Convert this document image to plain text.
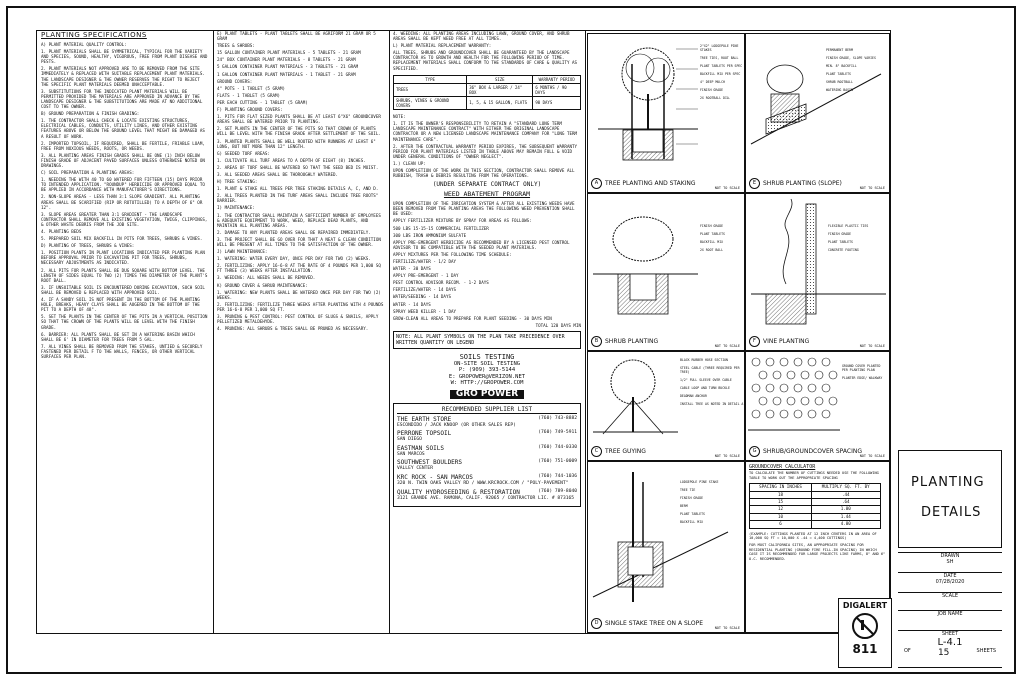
PLANTING SPECIFICATIONS

A) PLANT MATERIAL QUALITY CONTROL:

1. PLANT MATERIALS SHALL BE SYMMETRICAL, TYPICAL FOR THE VARIETY AND SPECIES, SOUND, HEALTHY, VIGOROUS, FREE FROM PLANT DISEASE AND PESTS.

2. PLANT MATERIALS NOT APPROVED ARE TO BE REMOVED FROM THE SITE IMMEDIATELY & REPLACED WITH SUITABLE REPLACEMENT PLANT MATERIALS. THE LANDSCAPE DESIGNER & THE OWNER RESERVES THE RIGHT TO REJECT THE SPECIFIC PLANT MATERIALS DEEMED UNACCEPTABLE.

3. SUBSTITUTIONS FOR THE INDICATED PLANT MATERIALS WILL BE PERMITTED PROVIDED THE MATERIALS ARE APPROVED IN ADVANCE BY THE LANDSCAPE DESIGNER & THE SUBSTITUTIONS ARE MADE AT NO ADDITIONAL COST TO THE OWNER.

B) GROUND PREPARATION & FINISH GRADING:

1. THE CONTRACTOR SHALL CHECK & LOCATE EXISTING STRUCTURES, ELECTRICAL CABLES, CONDUITS, UTILITY LINES, AND OTHER EXISTING FEATURES ABOVE OR BELOW THE GROUND LEVEL THAT MIGHT BE DAMAGED AS A RESULT OF WORK.

2. IMPORTED TOPSOIL, IF REQUIRED, SHALL BE FERTILE, FRIABLE LOAM, FREE FROM NOXIOUS WEEDS, ROOTS, OR WEEDS.

3. ALL PLANTING AREAS FINISH GRADES SHALL BE ONE (1) INCH BELOW FINISH GRADE OF ADJACENT PAVED SURFACES UNLESS OTHERWISE NOTED ON DRAWINGS.

C) SOIL PREPARATION & PLANTING AREAS:

1. NEEDING THE WITH 40 TO 60 WATERED FOR FIFTEEN (15) DAYS PRIOR TO INTENDED APPLICATION. "ROUNDUP" HERBICIDE OR APPROVED EQUAL TO BE APPLIED IN ACCORDANCE WITH MANUFACTURER'S DIRECTIONS.

2. NON-SLOPE AREAS - LESS THAN 3:1 SLOPE GRADIENT. ALL PLANTING AREAS SHALL BE SCARIFIED (RIP OR ROTOTILLED) TO A DEPTH OF 6" OR 12".

3. SLOPE AREAS GREATER THAN 3:1 GRADIENT - THE LANDSCAPE CONTRACTOR SHALL REMOVE ALL EXISTING VEGETATION, TWIGS, CLIPPINGS, & OTHER WASTE DEBRIS FROM THE JOB SITE.

4. PLANTING BEDS

5. PREPARED SOIL MIX BACKFILL IN PITS FOR TREES, SHRUBS & VINES.

D) PLANTING OF TREES, SHRUBS & VINES:

1. POSITION PLANTS IN PLANT LOCATIONS INDICATED PER PLANTING PLAN BEFORE APPROVAL PRIOR TO EXCAVATING PIT FOR TREES, SHRUBS, NECESSARY ADJUSTMENTS AS INDICATED.

2. ALL PITS FOR PLANTS SHALL BE DUG SQUARE WITH BOTTOM LEVEL. THE LENGTH OF SIDES EQUAL TO TWO (2) TIMES THE DIAMETER OF THE PLANT'S ROOT BALL.

3. IF UNSUITABLE SOIL IS ENCOUNTERED DURING EXCAVATION, SUCH SOIL SHALL BE REMOVED & REPLACED WITH APPROVED SOIL.

4. IF A SANDY SOIL IS NOT PRESENT IN THE BOTTOM OF THE PLANTING HOLE, BREAKS, HEAVY CLAYS SHALL BE AUGERED IN THE BOTTOM OF THE PIT TO A DEPTH OF 48".

5. SET THE PLANTS IN THE CENTER OF THE PITS IN A VERTICAL POSITION SO THAT THE CROWN OF THE PLANTS WILL BE LEVEL WITH THE FINISH GRADE.

6. BARRIER: ALL PLANTS SHALL BE SET IN A WATERING BASIN WHICH SHALL BE 6' IN DIAMETER FOR TREES FROM 5 GAL.

7. ALL VINES SHALL BE REMOVED FROM THE STAKES, UNTIED & SECURELY FASTENED PER DETAIL F TO THE WALLS, FENCES, OR OTHER VERTICAL SURFACES PER PLAN.

E) PLANT TABLETS - PLANT TABLETS SHALL BE AGRIFORM 21 GRAM OR 5 GRAM

TREES & SHRUBS:

15 GALLON CONTAINER PLANT MATERIALS - 5 TABLETS - 21 GRAM

24" BOX CONTAINER PLANT MATERIALS - 8 TABLETS - 21 GRAM

5 GALLON CONTAINER PLANT MATERIALS - 3 TABLETS - 21 GRAM

1 GALLON CONTAINER PLANT MATERIALS - 1 TABLET - 21 GRAM

GROUND COVERS:

4" POTS - 1 TABLET (5 GRAM)

FLATS - 1 TABLET (5 GRAM)

PER EACH CUTTING - 1 TABLET (5 GRAM)

F) PLANTING GROUND COVERS:

1. PITS FOR FLAT SIZED PLANTS SHALL BE AT LEAST 6"X6" GROUNDCOVER AREAS SHALL BE WATERED PRIOR TO PLANTING.

2. SET PLANTS IN THE CENTER OF THE PITS SO THAT CROWN OF PLANTS WILL BE LEVEL WITH THE FINISH GRADE AFTER SETTLEMENT OF THE SOIL.

3. PLANTED PLANTS SHALL BE WELL ROOTED WITH RUNNERS AT LEAST 6" LONG, BUT NOT MORE THAN 12" LENGTH.

G) SEEDED TURF AREAS:

1. CULTIVATE ALL TURF AREAS TO A DEPTH OF EIGHT (8) INCHES.

2. AREAS OF TURF SHALL BE WATERED SO THAT THE SEED BED IS MOIST.

3. ALL SEEDED AREAS SHALL BE THOROUGHLY WATERED.

H) TREE STAKING:

1. PLANT & STAKE ALL TREES PER TREE STAKING DETAILS A, C, AND D.

2. ALL TREES PLANTED IN THE TURF AREAS SHALL INCLUDE TREE ROOTS" BARRIER.

I) MAINTENANCE:

1. THE CONTRACTOR SHALL MAINTAIN A SUFFICIENT NUMBER OF EMPLOYEES & ADEQUATE EQUIPMENT TO WORK, WEED, REPLACE DEAD PLANTS, AND MAINTAIN ALL PLANTING AREAS.

2. DAMAGE TO ANY PLANTED AREAS SHALL BE REPAIRED IMMEDIATELY.

3. THE PROJECT SHALL BE GO OVER FOR THAT A NEAT & CLEAN CONDITION WILL BE PRESENT AT ALL TIMES TO THE SATISFACTION OF THE OWNER.

J) LAWN MAINTENANCE:

1. WATERING: WATER EVERY DAY, ONCE PER DAY FOR TWO (2) WEEKS.

2. FERTILIZING: APPLY 16-6-8 AT THE RATE OF 4 POUNDS PER 1,000 SQ FT THREE (3) WEEKS AFTER INSTALLATION.

3. WEEDING: ALL WEEDS SHALL BE REMOVED.

K) GROUND COVER & SHRUB MAINTENANCE:

1. WATERING: NEW PLANTS SHALL BE WATERED ONCE PER DAY FOR TWO (2) WEEKS.

2. FERTILIZING: FERTILIZE THREE WEEKS AFTER PLANTING WITH 4 POUNDS PER 16-6-8 PER 1,000 SQ FT.

3. PRUNING & PEST CONTROL: PEST CONTROL OF SLUGS & SNAILS, APPLY PELLETIZED METALDEHYDE.

4. PRUNING: ALL SHRUBS & TREES SHALL BE PRUNED AS NECESSARY.

4. WEEDING: ALL PLANTING AREAS INCLUDING LAWN, GROUND COVER, AND SHRUB AREAS SHALL BE KEPT WEED FREE AT ALL TIMES.

L) PLANT MATERIAL REPLACEMENT WARRANTY:

ALL TREES, SHRUBS AND GROUNDCOVER SHALL BE GUARANTEED BY THE LANDSCAPE CONTRACTOR AS TO GROWTH AND HEALTH FOR THE FOLLOWING PERIOD OF TIME. REPLACEMENT MATERIALS SHALL CONFORM TO THE STANDARDS OF CARE & QUALITY AS SPECIFIED.

TYPE	SIZE	WARRANTY PERIOD
TREES	36" BOX & LARGER / 24" BOX	6 MONTHS / 90 DAYS
SHRUBS, VINES & GROUND COVERS	1, 5, & 15 GALLON, FLATS	90 DAYS

NOTE:

1. IT IS THE OWNER'S RESPONSIBILITY TO RETAIN A "STANDARD LONG TERM LANDSCAPE MAINTENANCE CONTRACT" WITH EITHER THE ORIGINAL LANDSCAPE CONTRACTOR OR A NEW LICENSED LANDSCAPE MAINTENANCE COMPANY FOR "LONG TERM MAINTENANCE CARE".

2. AFTER THE CONTRACTUAL WARRANTY PERIOD EXPIRES, THE SUBSEQUENT WARRANTY PERIOD FOR PLANT MATERIALS LISTED IN TABLE ABOVE MAY REMAIN FULL & VOID UNDER GENERAL CONDITIONS OF "OWNER NEGLECT".

1.) CLEAN UP:

UPON COMPLETION OF THE WORK IN THIS SECTION, CONTRACTOR SHALL REMOVE ALL RUBBISH, TRASH & DEBRIS RESULTING FROM THE OPERATIONS.

(UNDER SEPARATE CONTRACT ONLY)
WEED ABATEMENT PROGRAM

UPON COMPLETION OF THE IRRIGATION SYSTEM & AFTER ALL EXISTING WEEDS HAVE BEEN REMOVED FROM THE PLANTING AREAS THE FOLLOWING WEED PREVENTION SHALL BE USED:

APPLY FERTILIZER MIXTURE BY SPRAY FOR AREAS AS FOLLOWS:

500 LBS 15-15-15 COMMERCIAL FERTILIZER

300 LBS IRON AMMONIUM SULFATE

APPLY PRE-EMERGENT HERBICIDE AS RECOMMENDED BY A LICENSED PEST CONTROL ADVISOR TO BE COMPATIBLE WITH THE SEEDED PLANT MATERIALS.

APPLY MIXTURES PER THE FOLLOWING TIME SCHEDULE:

FERTILIZE/WATER - 1/2 DAY

WATER - 30 DAYS

APPLY PRE-EMERGENT - 1 DAY

PEST CONTROL ADVISOR RECOM. - 1-2 DAYS

FERTILIZE/WATER - 14 DAYS

WATER/SEEDING - 14 DAYS

WATER - 14 DAYS

SPRAY WEED KILLER - 1 DAY

GROW-CLEAN ALL AREAS TO PREPARE FOR PLANT SEEDING - 30 DAYS MIN

TOTAL 120 DAYS MIN

NOTE: ALL PLANT SYMBOLS ON THE PLAN TAKE PRECEDENCE OVER WRITTEN QUANTITY ON LEGEND
SOILS TESTING
ON-SITE SOIL TESTING
P: (909) 393-5144
E: GROPOWER@VERIZON.NET
W: HTTP://GROPOWER.COM
GRO POWER
RECOMMENDED SUPPLIER LIST
THE EARTH STORE	(760) 743-8882
ESCONDIDO / JACK KNOOP (OR OTHER SALES REP)
PERRONE TOPSOIL	(760) 749-5911
SAN DIEGO
EASTMAN SOILS	(760) 744-0330
SAN MARCOS
SOUTHWEST BOULDERS	(760) 751-0009
VALLEY CENTER
KRC ROCK - SAN MARCOS	(760) 744-1036
320 N. TWIN OAKS VALLEY RD / WWW.KRCROCK.COM / "POLY-PAVEMENT"
QUALITY HYDROSEEDING & RESTORATION	(760) 789-8040
3121 GRANDE AVE. RAMONA, CALIF. 92065 / CONTRACTOR LIC. # 873165
2"X2" LODGEPOLE PINE STAKES
TREE TIES, ROOT BALL
PLANT TABLETS PER SPEC
BACKFILL MIX PER SPEC
4" DEEP MULCH
FINISH GRADE
2X ROOTBALL DIA.
A	TREE PLANTING AND STAKING
NOT TO SCALE
PERMANENT BERM
FINISH GRADE, SLOPE VARIES
MIN. 8" BACKFILL
PLANT TABLETS
SHRUB ROOTBALL
WATERING BASIN
E	SHRUB PLANTING (SLOPE)
NOT TO SCALE
FINISH GRADE
PLANT TABLETS
BACKFILL MIX
2X ROOT BALL
B	SHRUB PLANTING
NOT TO SCALE
FLEXIBLE PLASTIC TIES
FINISH GRADE
PLANT TABLETS
CONCRETE FOOTING
F	VINE PLANTING
NOT TO SCALE
BLACK RUBBER HOSE SECTION
STEEL CABLE (THREE REQUIRED PER TREE)
1/2" FULL SLEEVE OVER CABLE
CABLE LOOP AND TURN BUCKLE
DEADMAN ANCHOR
INSTALL TREE AS NOTED IN DETAIL A
C	TREE GUYING
NOT TO SCALE
GROUND COVER PLANTED PER PLANTING PLAN
PLANTER EDGE/ WALKWAY
G	SHRUB/GROUNDCOVER SPACING
NOT TO SCALE
LODGEPOLE PINE STAKE
TREE TIE
FINISH GRADE
BERM
PLANT TABLETS
BACKFILL MIX
D	SINGLE STAKE TREE ON A SLOPE
NOT TO SCALE
GROUNDCOVER CALCULATOR
TO CALCULATE THE NUMBER OF CUTTINGS NEEDED USE THE FOLLOWING TABLE TO WORK OUT THE APPROPRIATE SPACING
SPACING IN INCHES	MULTIPLY SQ. FT. BY
18	.44
15	.64
12	1.00
10	1.44
6	4.00
(EXAMPLE: CUTTINGS PLANTED AT 12 INCH CENTERS IN AN AREA OF 10,000 SQ FT = 10,000 X .44 = 4,400 CUTTINGS)
FOR MOST CALIFORNIA SITES, AN APPROPRIATE SPACING FOR RESIDENTIAL PLANTING (GROUND FIRE FILL-IN SPACING) IN WHICH CASE IT IS RECOMMENDED FOR LARGE PROJECTS LIKE FARMS, 8" AND 6" O.C. RECOMMENDED.
PLANTING
DETAILS
DRAWN
SH
DATE
07/28/2020
SCALE
JOB NAME
SHEET
L-4.1
OF	15	SHEETS
DIGALERT
811
